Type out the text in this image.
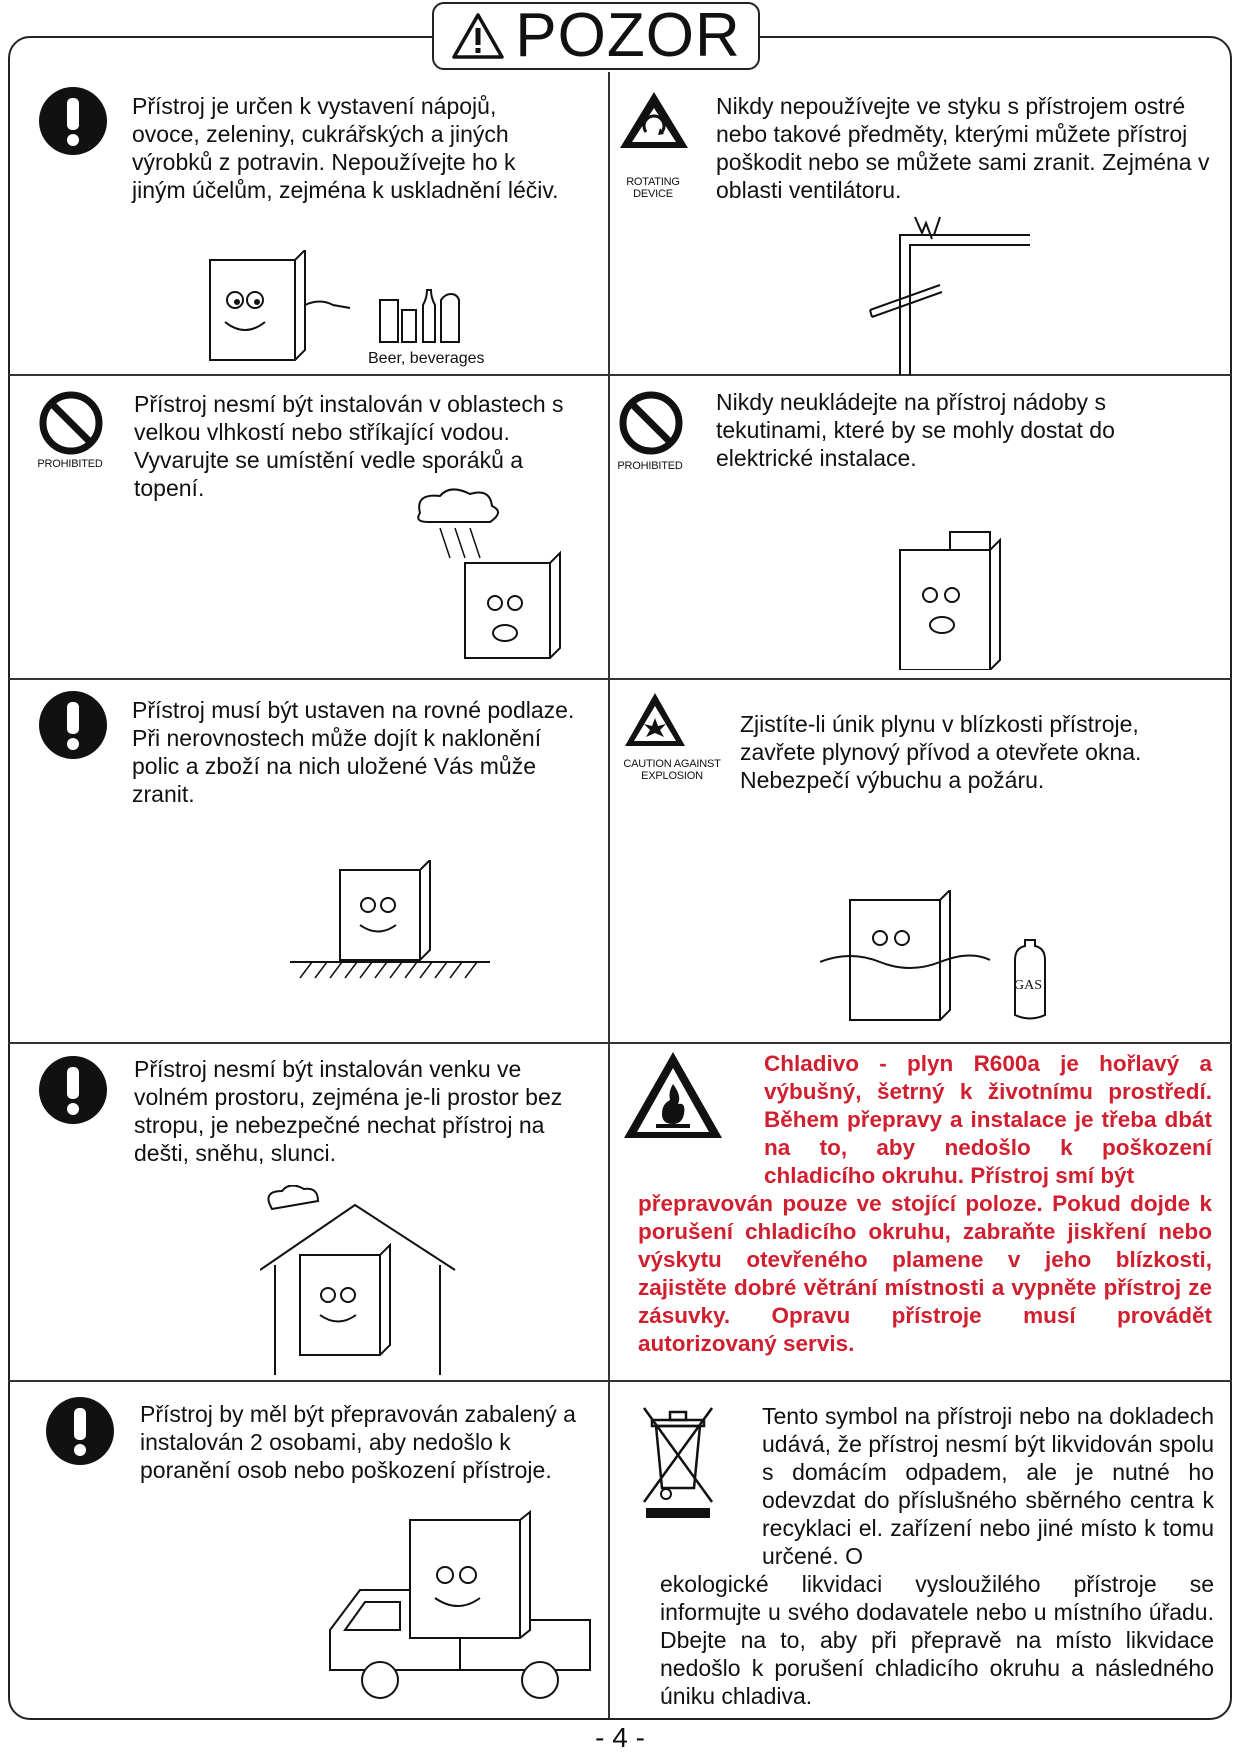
POZOR

Přístroj je určen k vystavení nápojů, ovoce, zeleniny, cukrářských a jiných výrobků z potravin. Nepoužívejte ho k jiným účelům, zejména k uskladnění léčiv.

Beer, beverages
ROTATING DEVICE

Nikdy nepoužívejte ve styku s přístrojem ostré nebo takové předměty, kterými můžete přístroj poškodit nebo se můžete sami zranit. Zejména v oblasti ventilátoru.

PROHIBITED

Přístroj nesmí být instalován v oblastech s velkou vlhkostí nebo stříkající vodou. Vyvarujte se umístění vedle sporáků a topení.

PROHIBITED

Nikdy neukládejte na přístroj nádoby s tekutinami, které by se mohly dostat do elektrické instalace.

Přístroj musí být ustaven na rovné podlaze. Při nerovnostech může dojít k naklonění polic a zboží na nich uložené Vás může zranit.

CAUTION AGAINST EXPLOSION

Zjistíte-li únik plynu v blízkosti přístroje, zavřete plynový přívod a otevřete okna. Nebezpečí výbuchu a požáru.

GAS

Přístroj nesmí být instalován venku ve volném prostoru, zejména je-li prostor bez stropu, je nebezpečné nechat přístroj na dešti, sněhu, slunci.

Chladivo - plyn R600a je hořlavý a výbušný, šetrný k životnímu prostředí. Během přepravy a instalace je třeba dbát na to, aby nedošlo k poškození chladicího okruhu. Přístroj smí být

přepravován pouze ve stojící poloze. Pokud dojde k porušení chladicího okruhu, zabraňte jiskření nebo výskytu otevřeného plamene v jeho blízkosti, zajistěte dobré větrání místnosti a vypněte přístroj ze zásuvky. Opravu přístroje musí provádět autorizovaný servis.

Přístroj by měl být přepravován zabalený a instalován 2 osobami, aby nedošlo k poranění osob nebo poškození přístroje.

Tento symbol na přístroji nebo na dokladech udává, že přístroj nesmí být likvidován spolu s domácím odpadem, ale je nutné ho odevzdat do příslušného sběrného centra k recyklaci el. zařízení nebo jiné místo k tomu určené. O

ekologické likvidaci vysloužilého přístroje se informujte u svého dodavatele nebo u místního úřadu. Dbejte na to, aby při přepravě na místo likvidace nedošlo k porušení chladicího okruhu a následného úniku chladiva.

- 4 -
